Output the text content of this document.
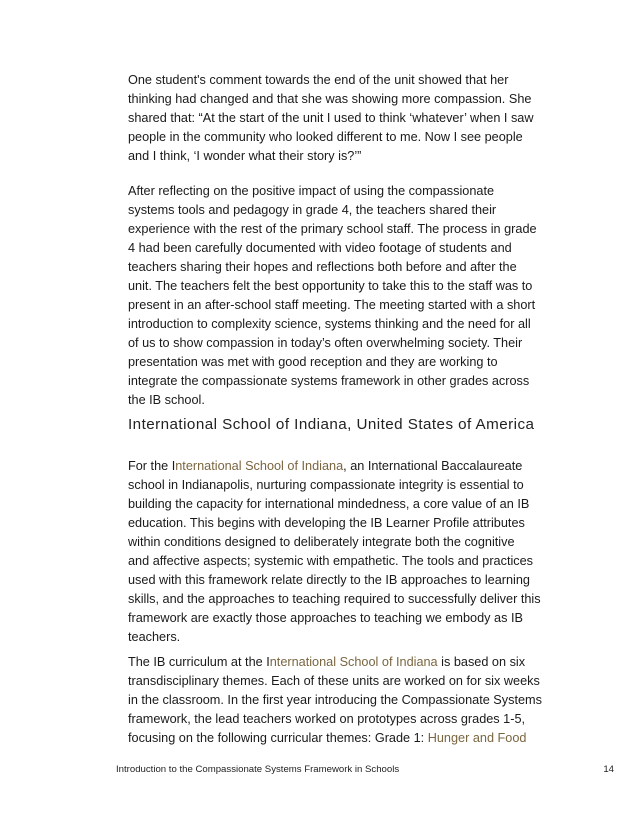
One student's comment towards the end of the unit showed that her
thinking had changed and that she was showing more compassion. She
shared that: “At the start of the unit I used to think ‘whatever’ when I saw
people in the community who looked different to me. Now I see people
and I think, ‘I wonder what their story is?’”
After reflecting on the positive impact of using the compassionate
systems tools and pedagogy in grade 4, the teachers shared their
experience with the rest of the primary school staff. The process in grade
4 had been carefully documented with video footage of students and
teachers sharing their hopes and reflections both before and after the
unit. The teachers felt the best opportunity to take this to the staff was to
present in an after-school staff meeting. The meeting started with a short
introduction to complexity science, systems thinking and the need for all
of us to show compassion in today’s often overwhelming society. Their
presentation was met with good reception and they are working to
integrate the compassionate systems framework in other grades across
the IB school.
International School of Indiana, United States of America
For the International School of Indiana, an International Baccalaureate
school in Indianapolis, nurturing compassionate integrity is essential to
building the capacity for international mindedness, a core value of an IB
education. This begins with developing the IB Learner Profile attributes
within conditions designed to deliberately integrate both the cognitive
and affective aspects; systemic with empathetic. The tools and practices
used with this framework relate directly to the IB approaches to learning
skills, and the approaches to teaching required to successfully deliver this
framework are exactly those approaches to teaching we embody as IB
teachers.
The IB curriculum at the International School of Indiana is based on six
transdisciplinary themes. Each of these units are worked on for six weeks
in the classroom. In the first year introducing the Compassionate Systems
framework, the lead teachers worked on prototypes across grades 1-5,
focusing on the following curricular themes: Grade 1: Hunger and Food
Introduction to the Compassionate Systems Framework in Schools	14
